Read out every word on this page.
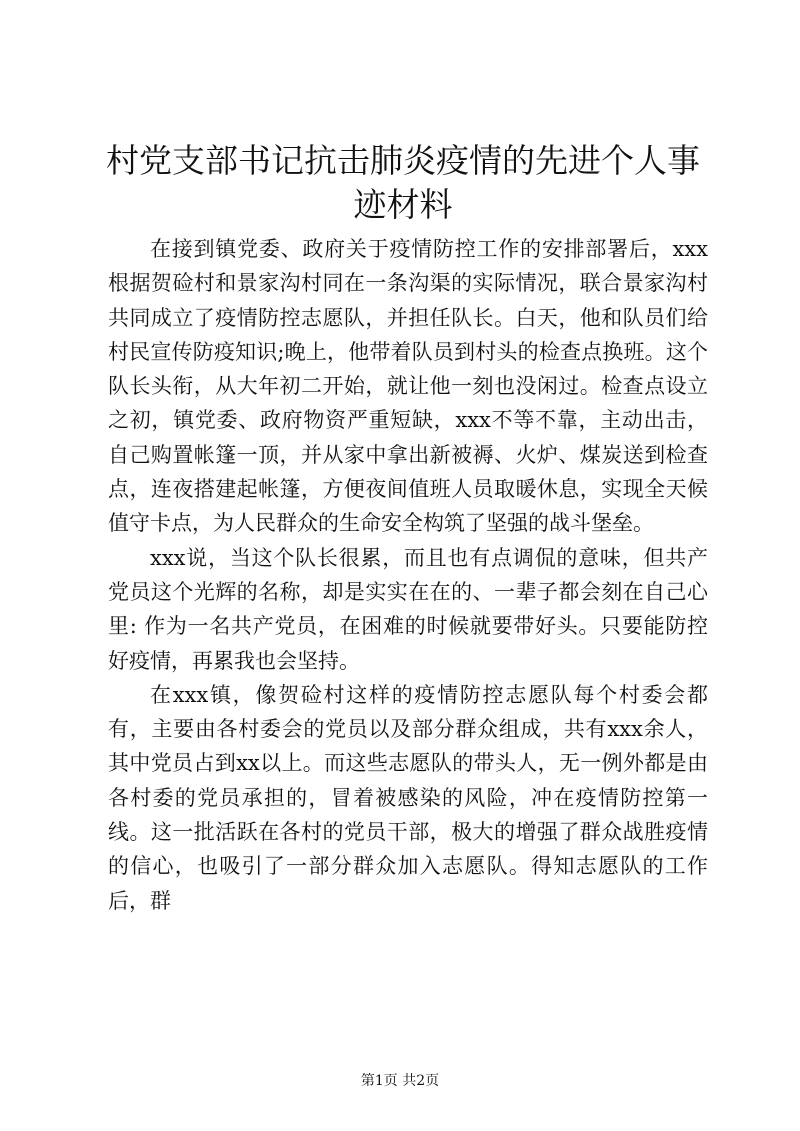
村党支部书记抗击肺炎疫情的先进个人事迹材料

在接到镇党委、政府关于疫情防控工作的安排部署后，xxx根据贺硷村和景家沟村同在一条沟渠的实际情况，联合景家沟村共同成立了疫情防控志愿队，并担任队长。白天，他和队员们给村民宣传防疫知识;晚上，他带着队员到村头的检查点换班。这个队长头衔，从大年初二开始，就让他一刻也没闲过。检查点设立之初，镇党委、政府物资严重短缺，xxx不等不靠，主动出击，自己购置帐篷一顶，并从家中拿出新被褥、火炉、煤炭送到检查点，连夜搭建起帐篷，方便夜间值班人员取暖休息，实现全天候值守卡点，为人民群众的生命安全构筑了坚强的战斗堡垒。

xxx说，当这个队长很累，而且也有点调侃的意味，但共产党员这个光辉的名称，却是实实在在的、一辈子都会刻在自己心里: 作为一名共产党员，在困难的时候就要带好头。只要能防控好疫情，再累我也会坚持。

在xxx镇，像贺硷村这样的疫情防控志愿队每个村委会都有，主要由各村委会的党员以及部分群众组成，共有xxx余人，其中党员占到xx以上。而这些志愿队的带头人，无一例外都是由各村委的党员承担的，冒着被感染的风险，冲在疫情防控第一线。这一批活跃在各村的党员干部，极大的增强了群众战胜疫情的信心，也吸引了一部分群众加入志愿队。得知志愿队的工作后，群

第1页 共2页
